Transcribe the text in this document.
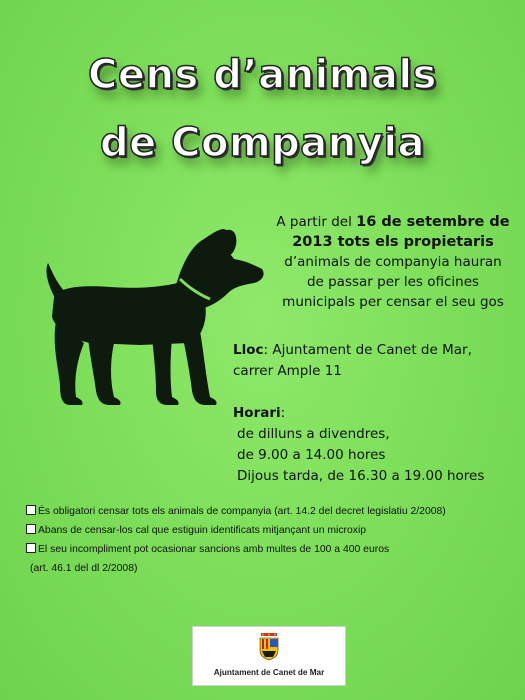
Cens d’animals
de Companyia
A partir del 16 de setembre de
2013 tots els propietaris
d’animals de companyia hauran
de passar per les oficines
municipals per censar el seu gos
Lloc: Ajuntament de Canet de Mar,
carrer Ample 11
Horari:
de dilluns a divendres,
de 9.00 a 14.00 hores
Dijous tarda, de 16.30 a 19.00 hores
És obligatori censar tots els animals de companyia (art. 14.2 del decret legislatiu 2/2008)
Abans de censar-los cal que estiguin identificats mitjançant un microxip
El seu incompliment pot ocasionar sancions amb multes de 100 a 400 euros
(art. 46.1 del dl 2/2008)
Ajuntament de Canet de Mar
